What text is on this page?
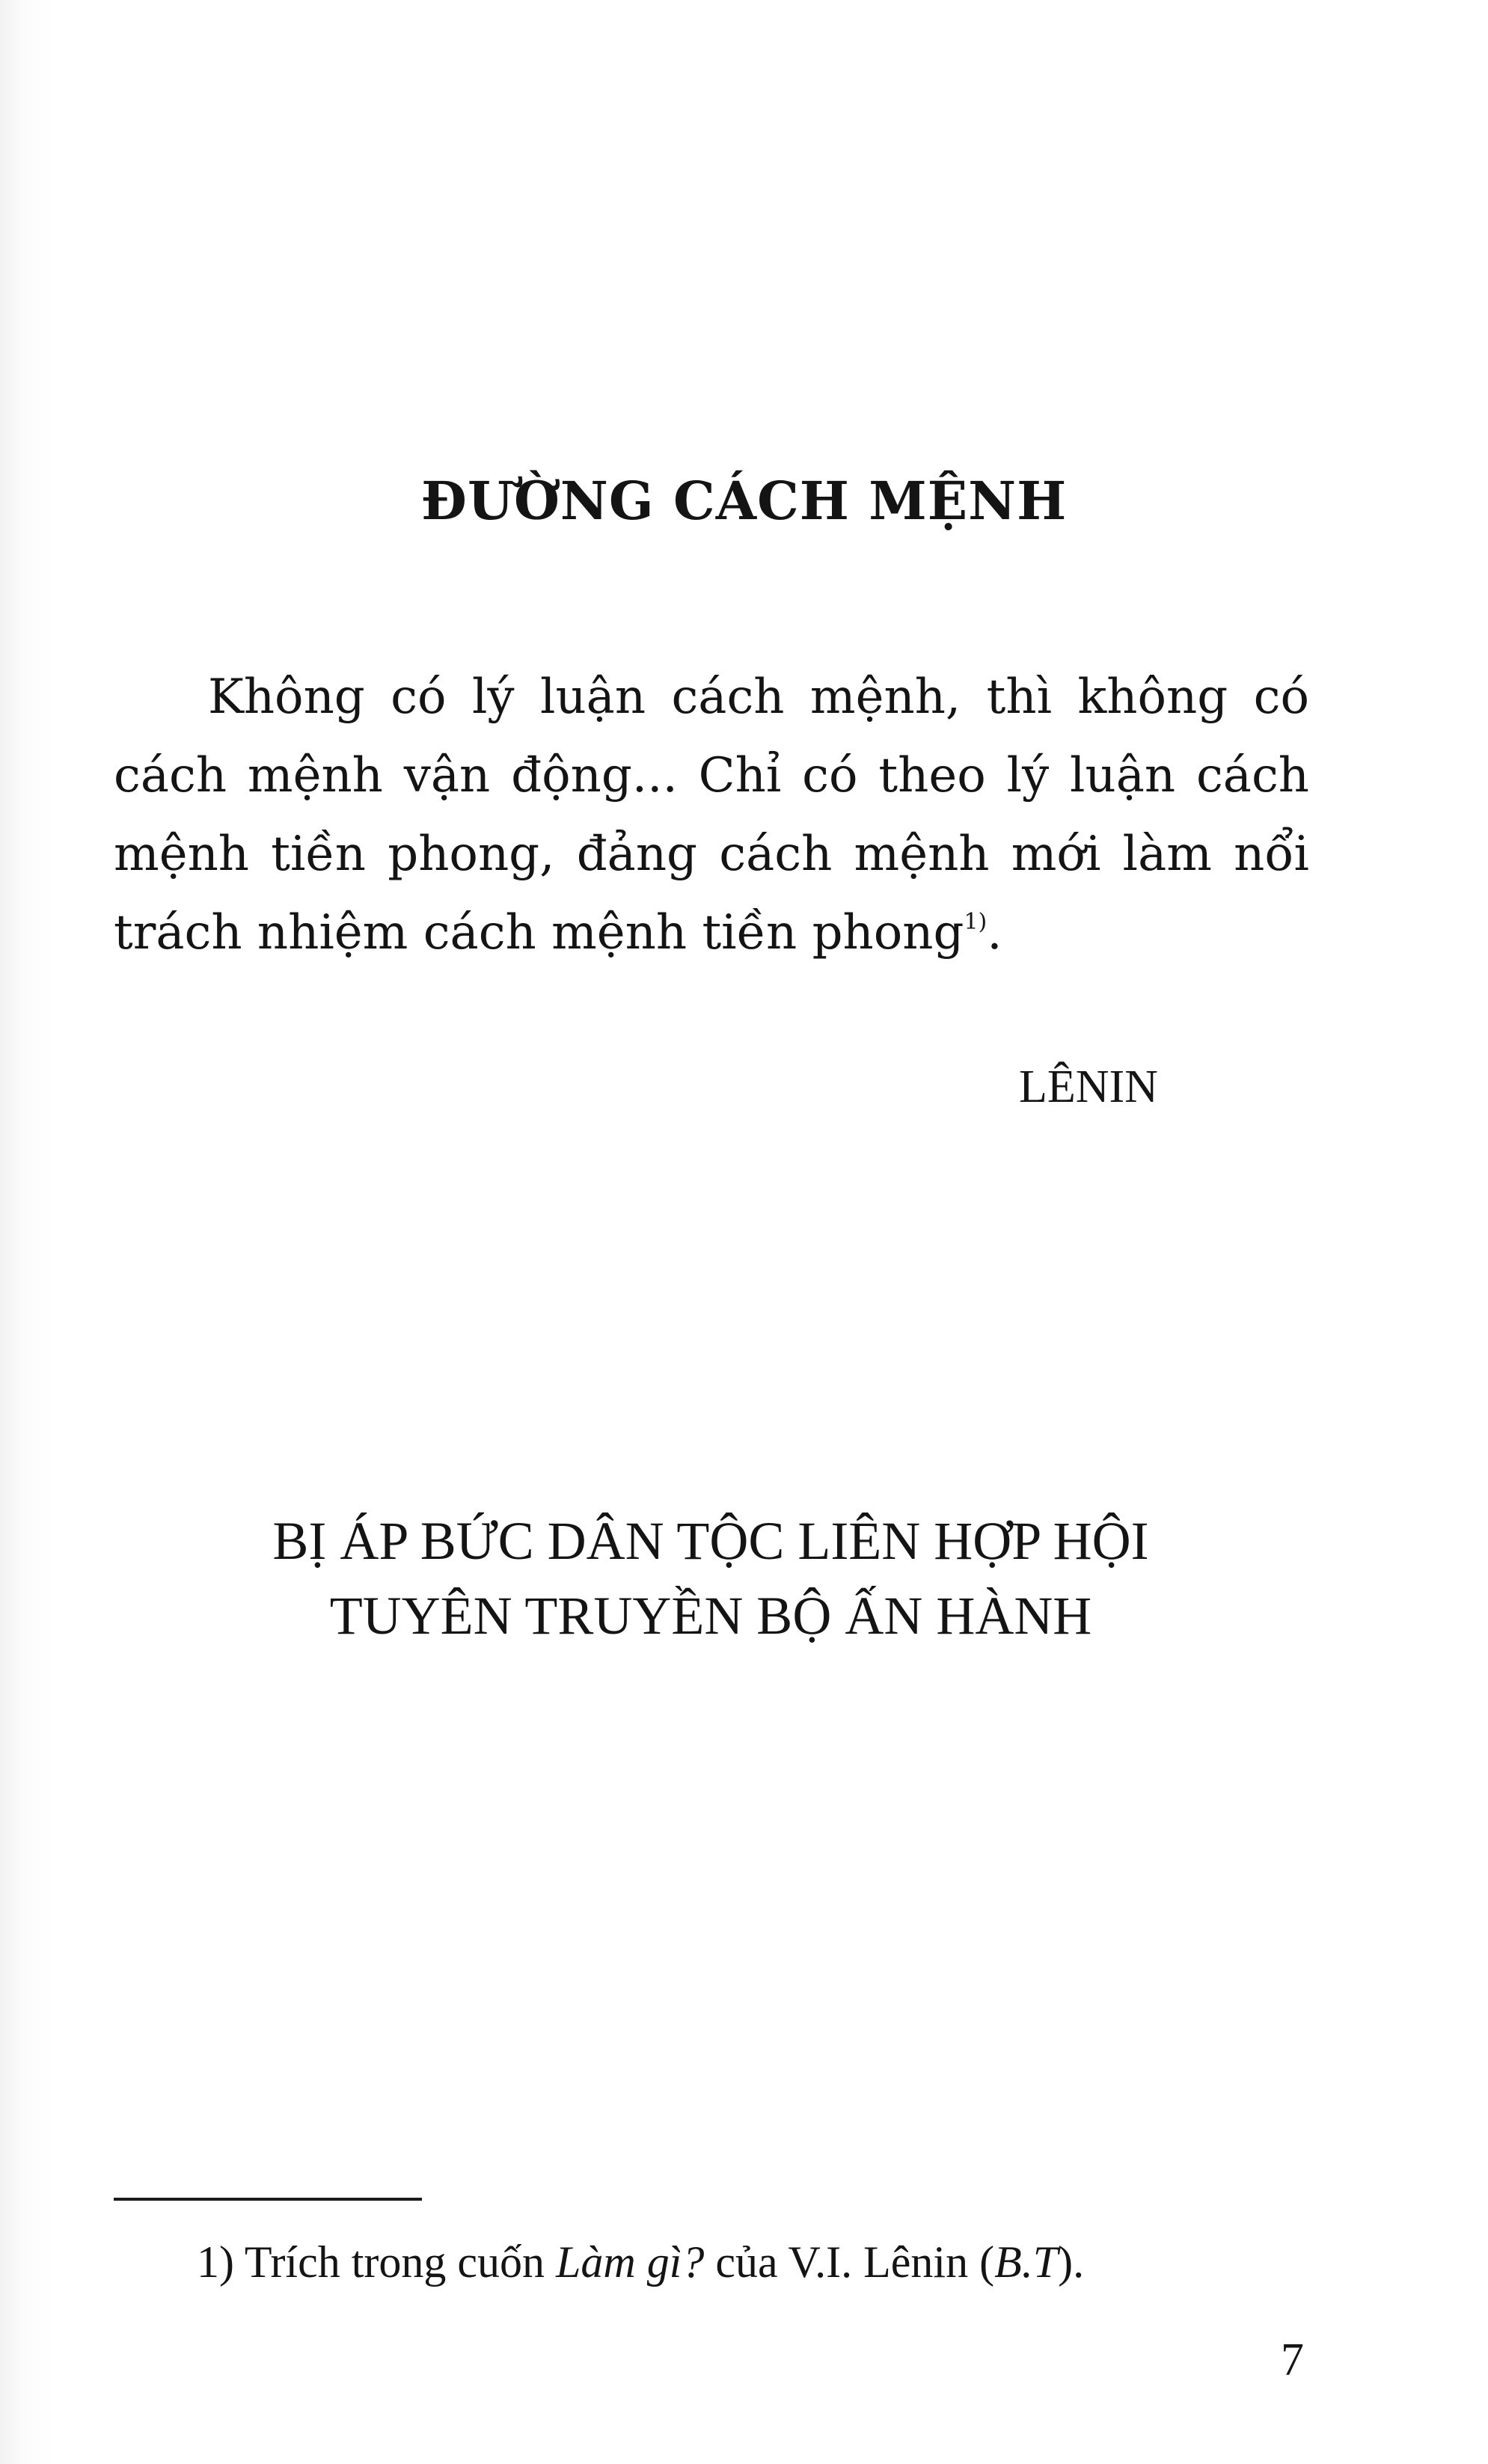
ĐƯỜNG CÁCH MỆNH

Không có lý luận cách mệnh, thì không có cách mệnh vận động... Chỉ có theo lý luận cách mệnh tiền phong, đảng cách mệnh mới làm nổi trách nhiệm cách mệnh tiền phong$^{1)}$.

LÊNIN
BỊ ÁP BỨC DÂN TỘC LIÊN HỢP HỘI
TUYÊN TRUYỀN BỘ ẤN HÀNH
1) Trích trong cuốn Làm gì? của V.I. Lênin (B.T).
7
